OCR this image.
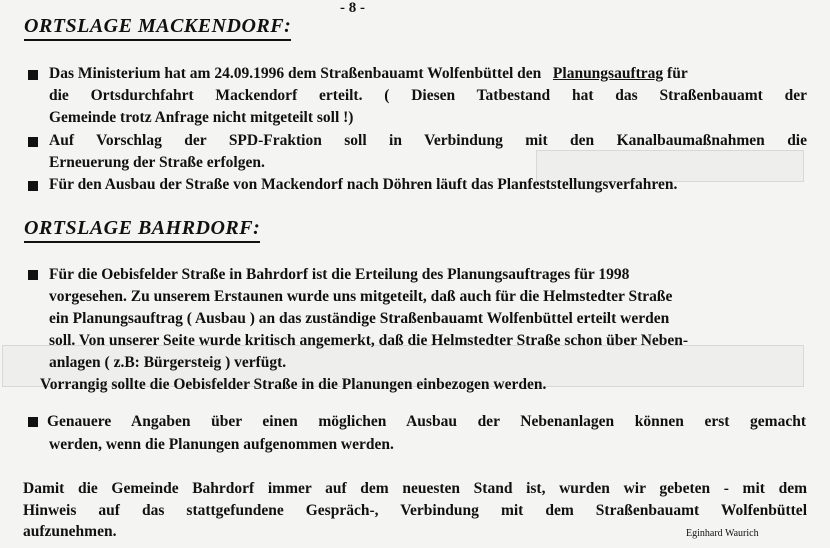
- 8 -
ORTSLAGE MACKENDORF:
Das Ministerium hat am 24.09.1996 dem Straßenbauamt Wolfenbüttel den Planungsauftrag für
die Ortsdurchfahrt Mackendorf erteilt. ( Diesen Tatbestand hat das Straßenbauamt der
Gemeinde trotz Anfrage nicht mitgeteilt soll !)
Auf Vorschlag der SPD-Fraktion soll in Verbindung mit den Kanalbaumaßnahmen die
Erneuerung der Straße erfolgen.
Für den Ausbau der Straße von Mackendorf nach Döhren läuft das Planfeststellungsverfahren.
ORTSLAGE BAHRDORF:
Für die Oebisfelder Straße in Bahrdorf ist die Erteilung des Planungsauftrages für 1998
vorgesehen. Zu unserem Erstaunen wurde uns mitgeteilt, daß auch für die Helmstedter Straße
ein Planungsauftrag ( Ausbau ) an das zuständige Straßenbauamt Wolfenbüttel erteilt werden
soll. Von unserer Seite wurde kritisch angemerkt, daß die Helmstedter Straße schon über Neben-
anlagen ( z.B: Bürgersteig ) verfügt.
Vorrangig sollte die Oebisfelder Straße in die Planungen einbezogen werden.
Genauere Angaben über einen möglichen Ausbau der Nebenanlagen können erst gemacht
werden, wenn die Planungen aufgenommen werden.
Damit die Gemeinde Bahrdorf immer auf dem neuesten Stand ist, wurden wir gebeten - mit dem
Hinweis auf das stattgefundene Gespräch-, Verbindung mit dem Straßenbauamt Wolfenbüttel
aufzunehmen.	Eginhard Waurich
